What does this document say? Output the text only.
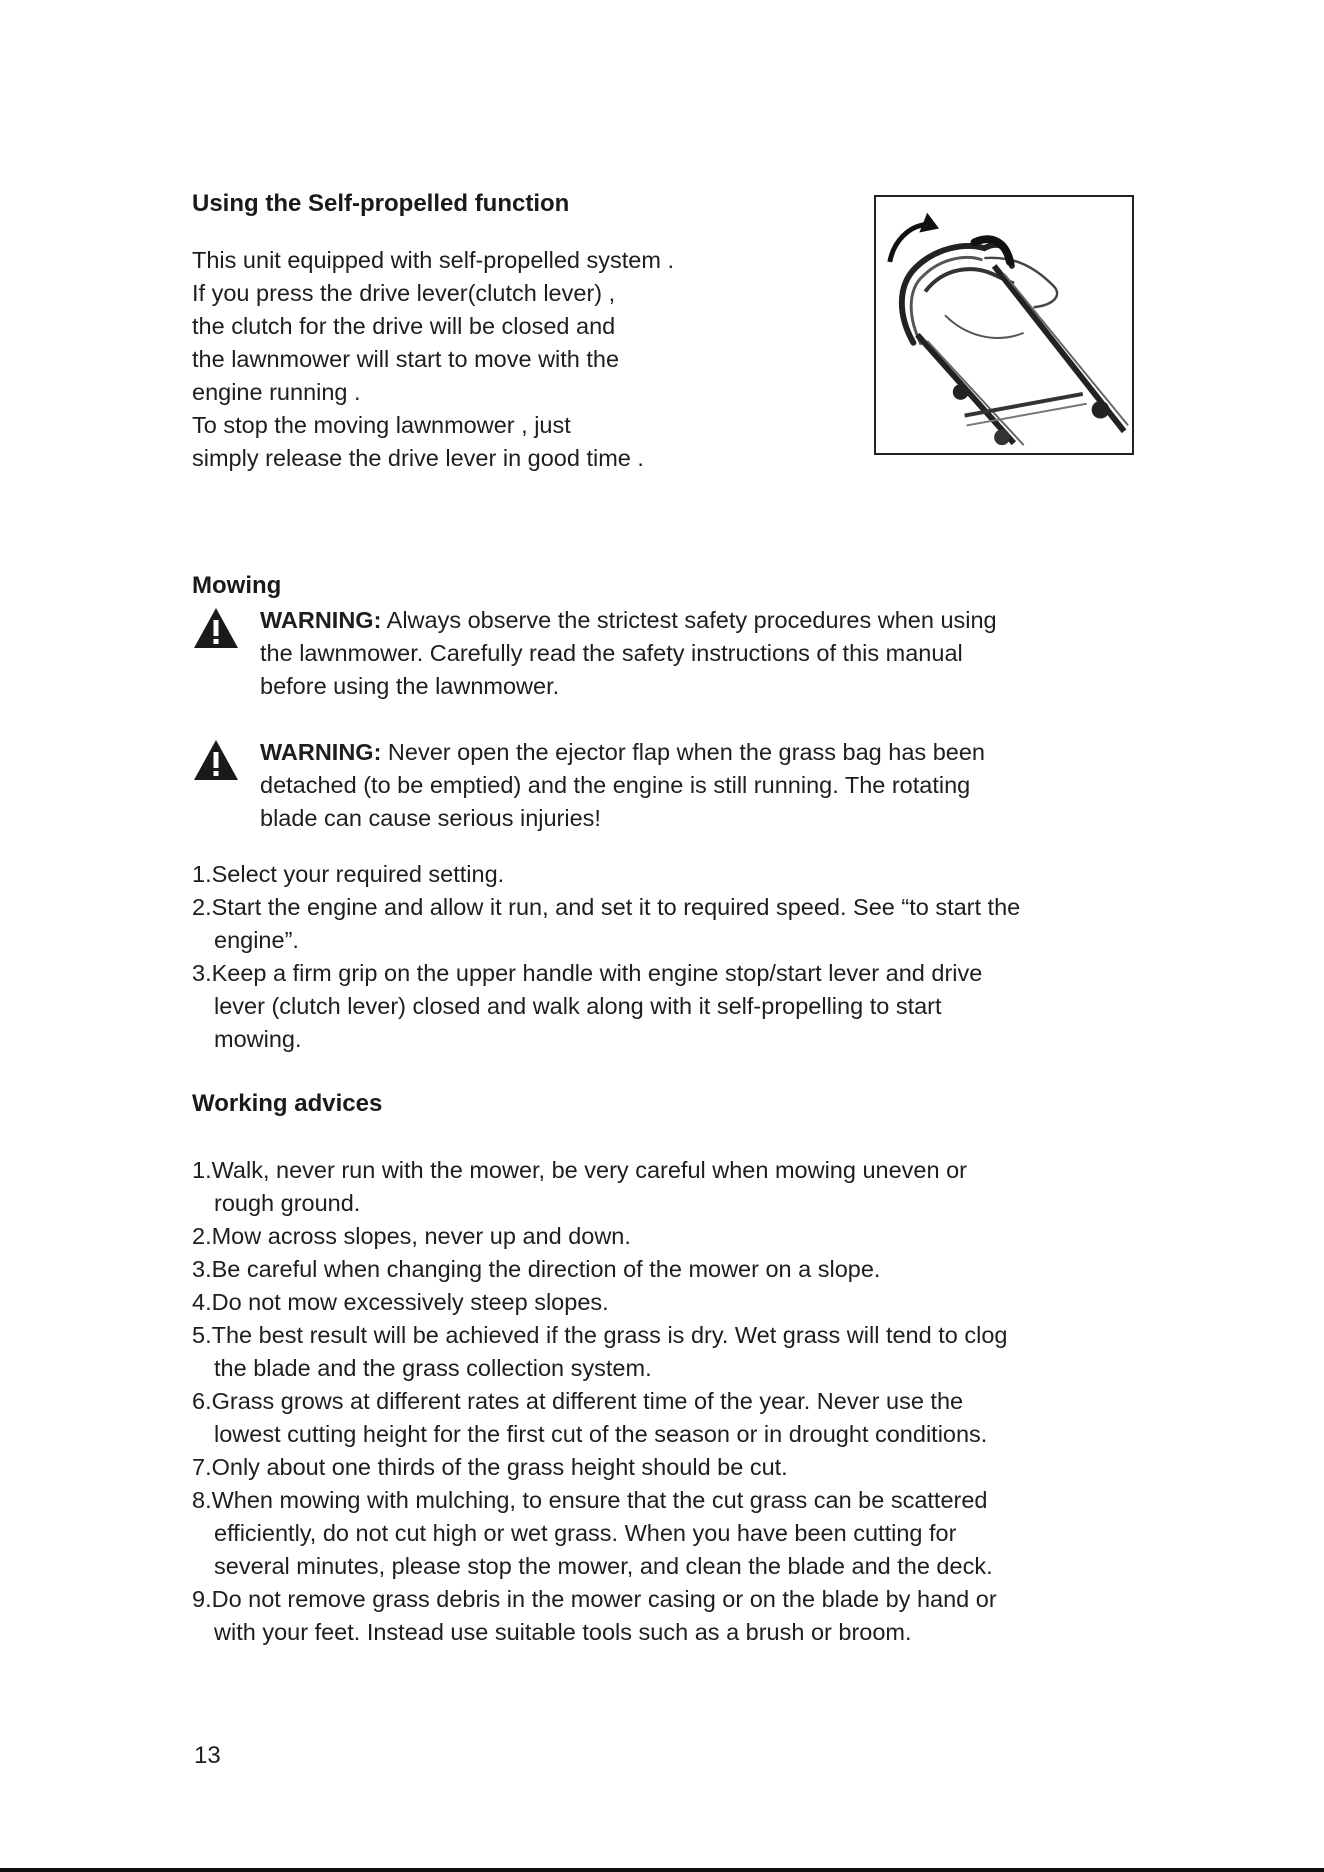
Using the Self-propelled function
This unit equipped with self-propelled system .
If you press the drive lever(clutch lever) ,
the clutch for the drive will be closed and
the lawnmower will start to move with the
engine running .
To stop the moving lawnmower , just
simply release the drive lever in good time .
Mowing
WARNING: Always observe the strictest safety procedures when using
the lawnmower. Carefully read the safety instructions of this manual
before using the lawnmower.
WARNING: Never open the ejector flap when the grass bag has been
detached (to be emptied) and the engine is still running. The rotating
blade can cause serious injuries!
1.Select your required setting.
2.Start the engine and allow it run, and set it to required speed. See “to start the
engine”.
3.Keep a firm grip on the upper handle with engine stop/start lever and drive
lever (clutch lever) closed and walk along with it self-propelling to start
mowing.
Working advices
1.Walk, never run with the mower, be very careful when mowing uneven or
rough ground.
2.Mow across slopes, never up and down.
3.Be careful when changing the direction of the mower on a slope.
4.Do not mow excessively steep slopes.
5.The best result will be achieved if the grass is dry. Wet grass will tend to clog
the blade and the grass collection system.
6.Grass grows at different rates at different time of the year. Never use the
lowest cutting height for the first cut of the season or in drought conditions.
7.Only about one thirds of the grass height should be cut.
8.When mowing with mulching, to ensure that the cut grass can be scattered
efficiently, do not cut high or wet grass. When you have been cutting for
several minutes, please stop the mower, and clean the blade and the deck.
9.Do not remove grass debris in the mower casing or on the blade by hand or
with your feet. Instead use suitable tools such as a brush or broom.
13
